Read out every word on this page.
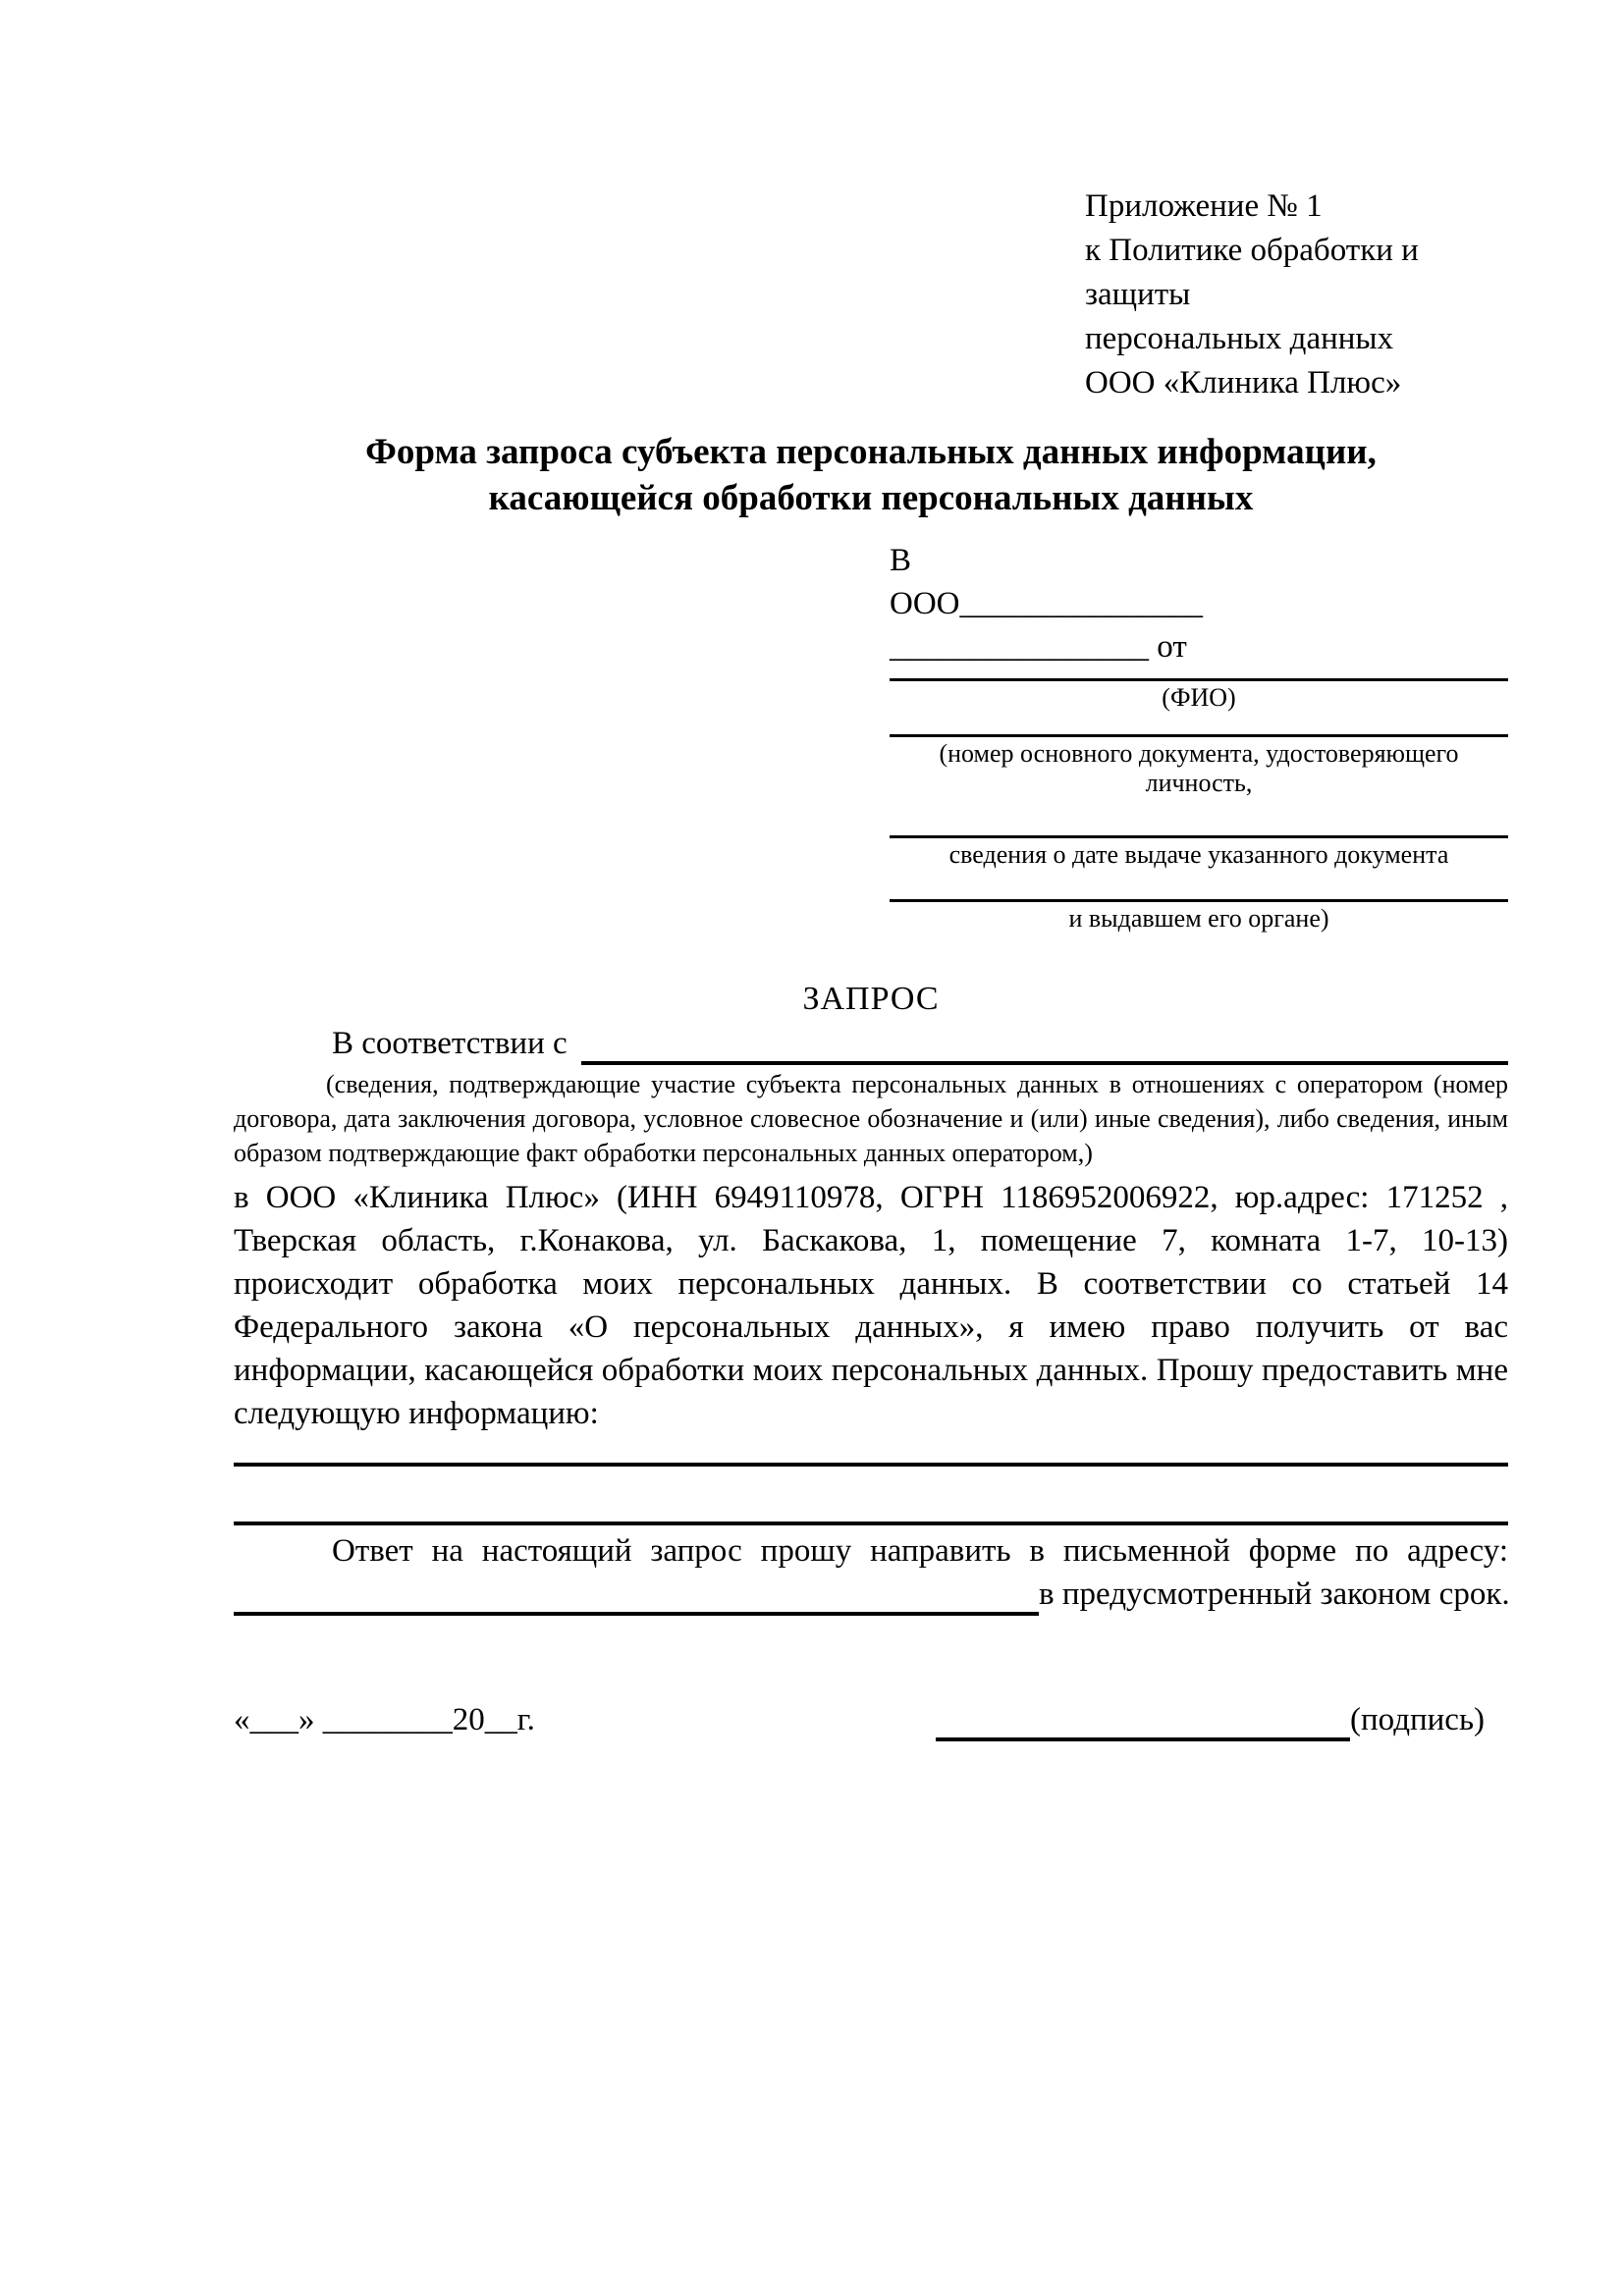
Приложение № 1
к Политике обработки и защиты
персональных данных
ООО «Клиника Плюс»
Форма запроса субъекта персональных данных информации,
касающейся обработки персональных данных
В
ООО_______________
________________ от
(ФИО)
(номер основного документа, удостоверяющего личность,
сведения о дате выдаче указанного документа
и выдавшем его органе)
ЗАПРОС
В соответствии с
(сведения, подтверждающие участие субъекта персональных данных в отношениях с оператором (номер договора, дата заключения договора, условное словесное обозначение и (или) иные сведения), либо сведения, иным образом подтверждающие факт обработки персональных данных оператором,)
в ООО «Клиника Плюс» (ИНН 6949110978, ОГРН 1186952006922, юр.адрес: 171252 , Тверская область, г.Конакова, ул. Баскакова, 1, помещение 7, комната 1-7, 10-13) происходит обработка моих персональных данных. В соответствии со статьей 14 Федерального закона «О персональных данных», я имею право получить от вас информации, касающейся обработки моих персональных данных. Прошу предоставить мне следующую информацию:
Ответ на настоящий запрос прошу направить в письменной форме по адресу:
в предусмотренный законом срок.
«___» ________20__г.	(подпись)
